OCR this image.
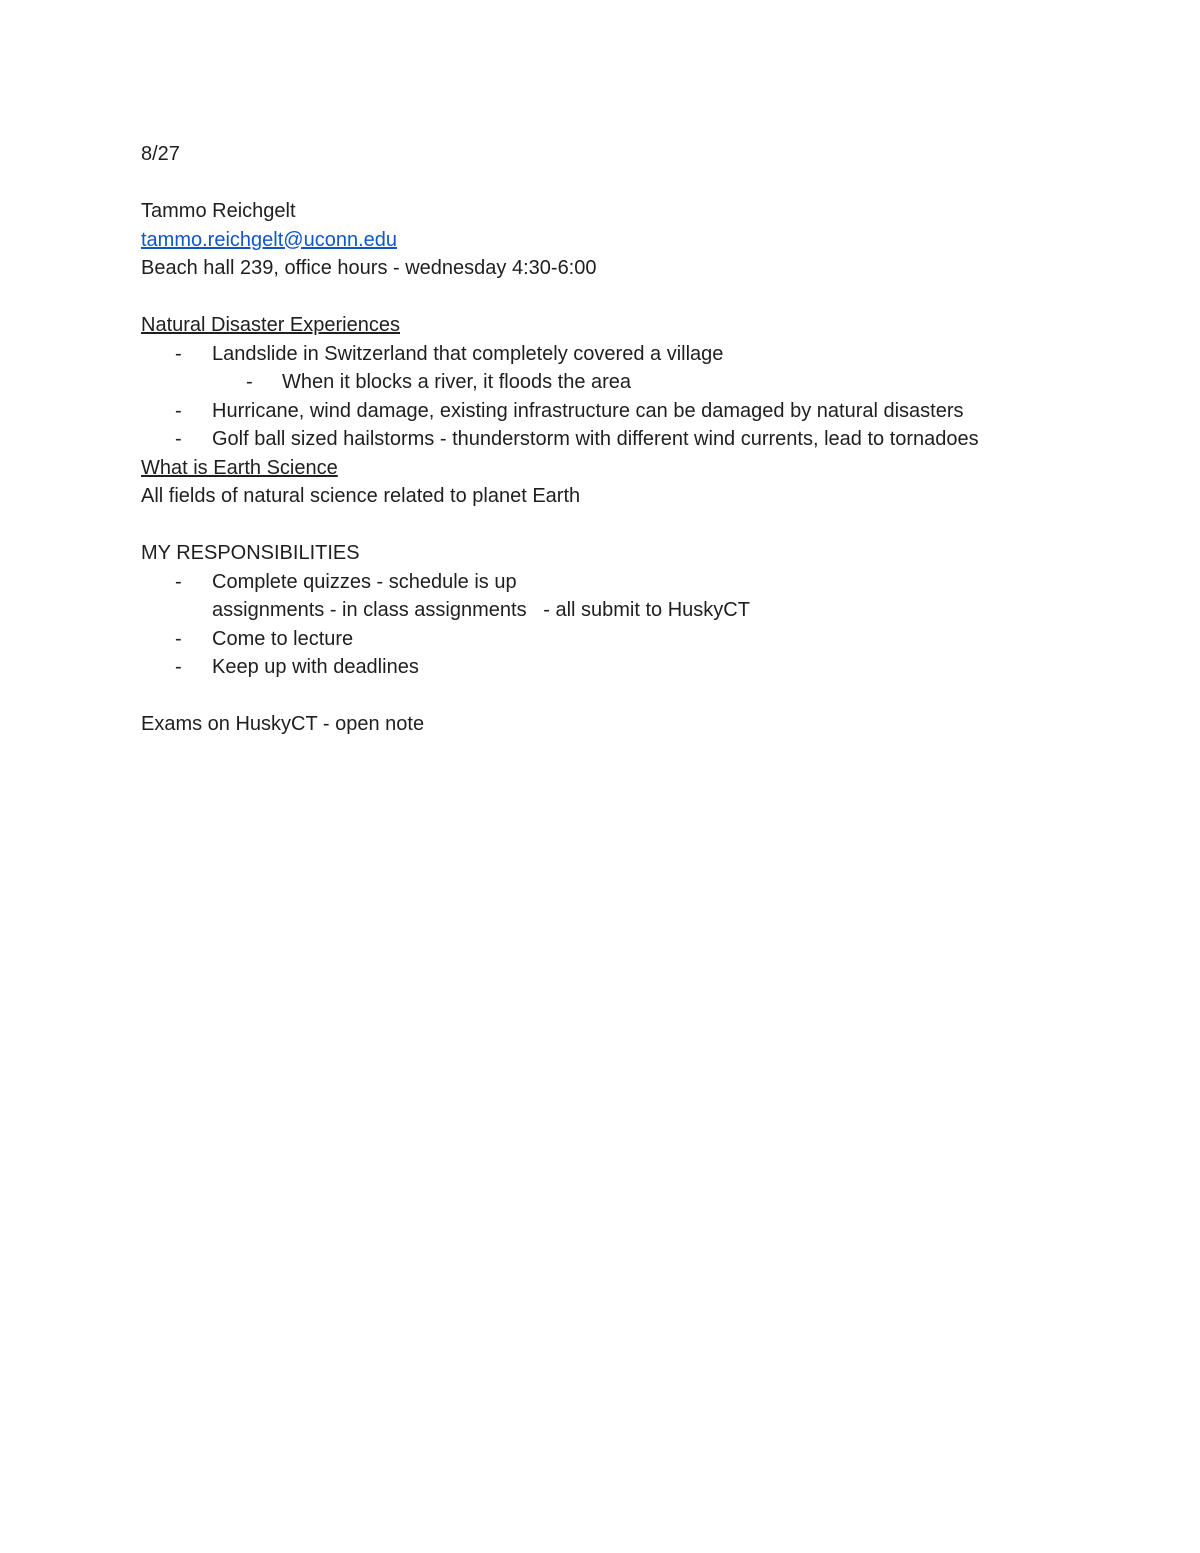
8/27
Tammo Reichgelt
tammo.reichgelt@uconn.edu
Beach hall 239, office hours - wednesday 4:30-6:00
Natural Disaster Experiences

-

Landslide in Switzerland that completely covered a village

-

When it blocks a river, it floods the area

-

Hurricane, wind damage, existing infrastructure can be damaged by natural disasters

-

Golf ball sized hailstorms - thunderstorm with different wind currents, lead to tornadoes

What is Earth Science
All fields of natural science related to planet Earth
MY RESPONSIBILITIES

-

Complete quizzes - schedule is up

assignments - in class assignments   - all submit to HuskyCT

-

Come to lecture

-

Keep up with deadlines

Exams on HuskyCT - open note
